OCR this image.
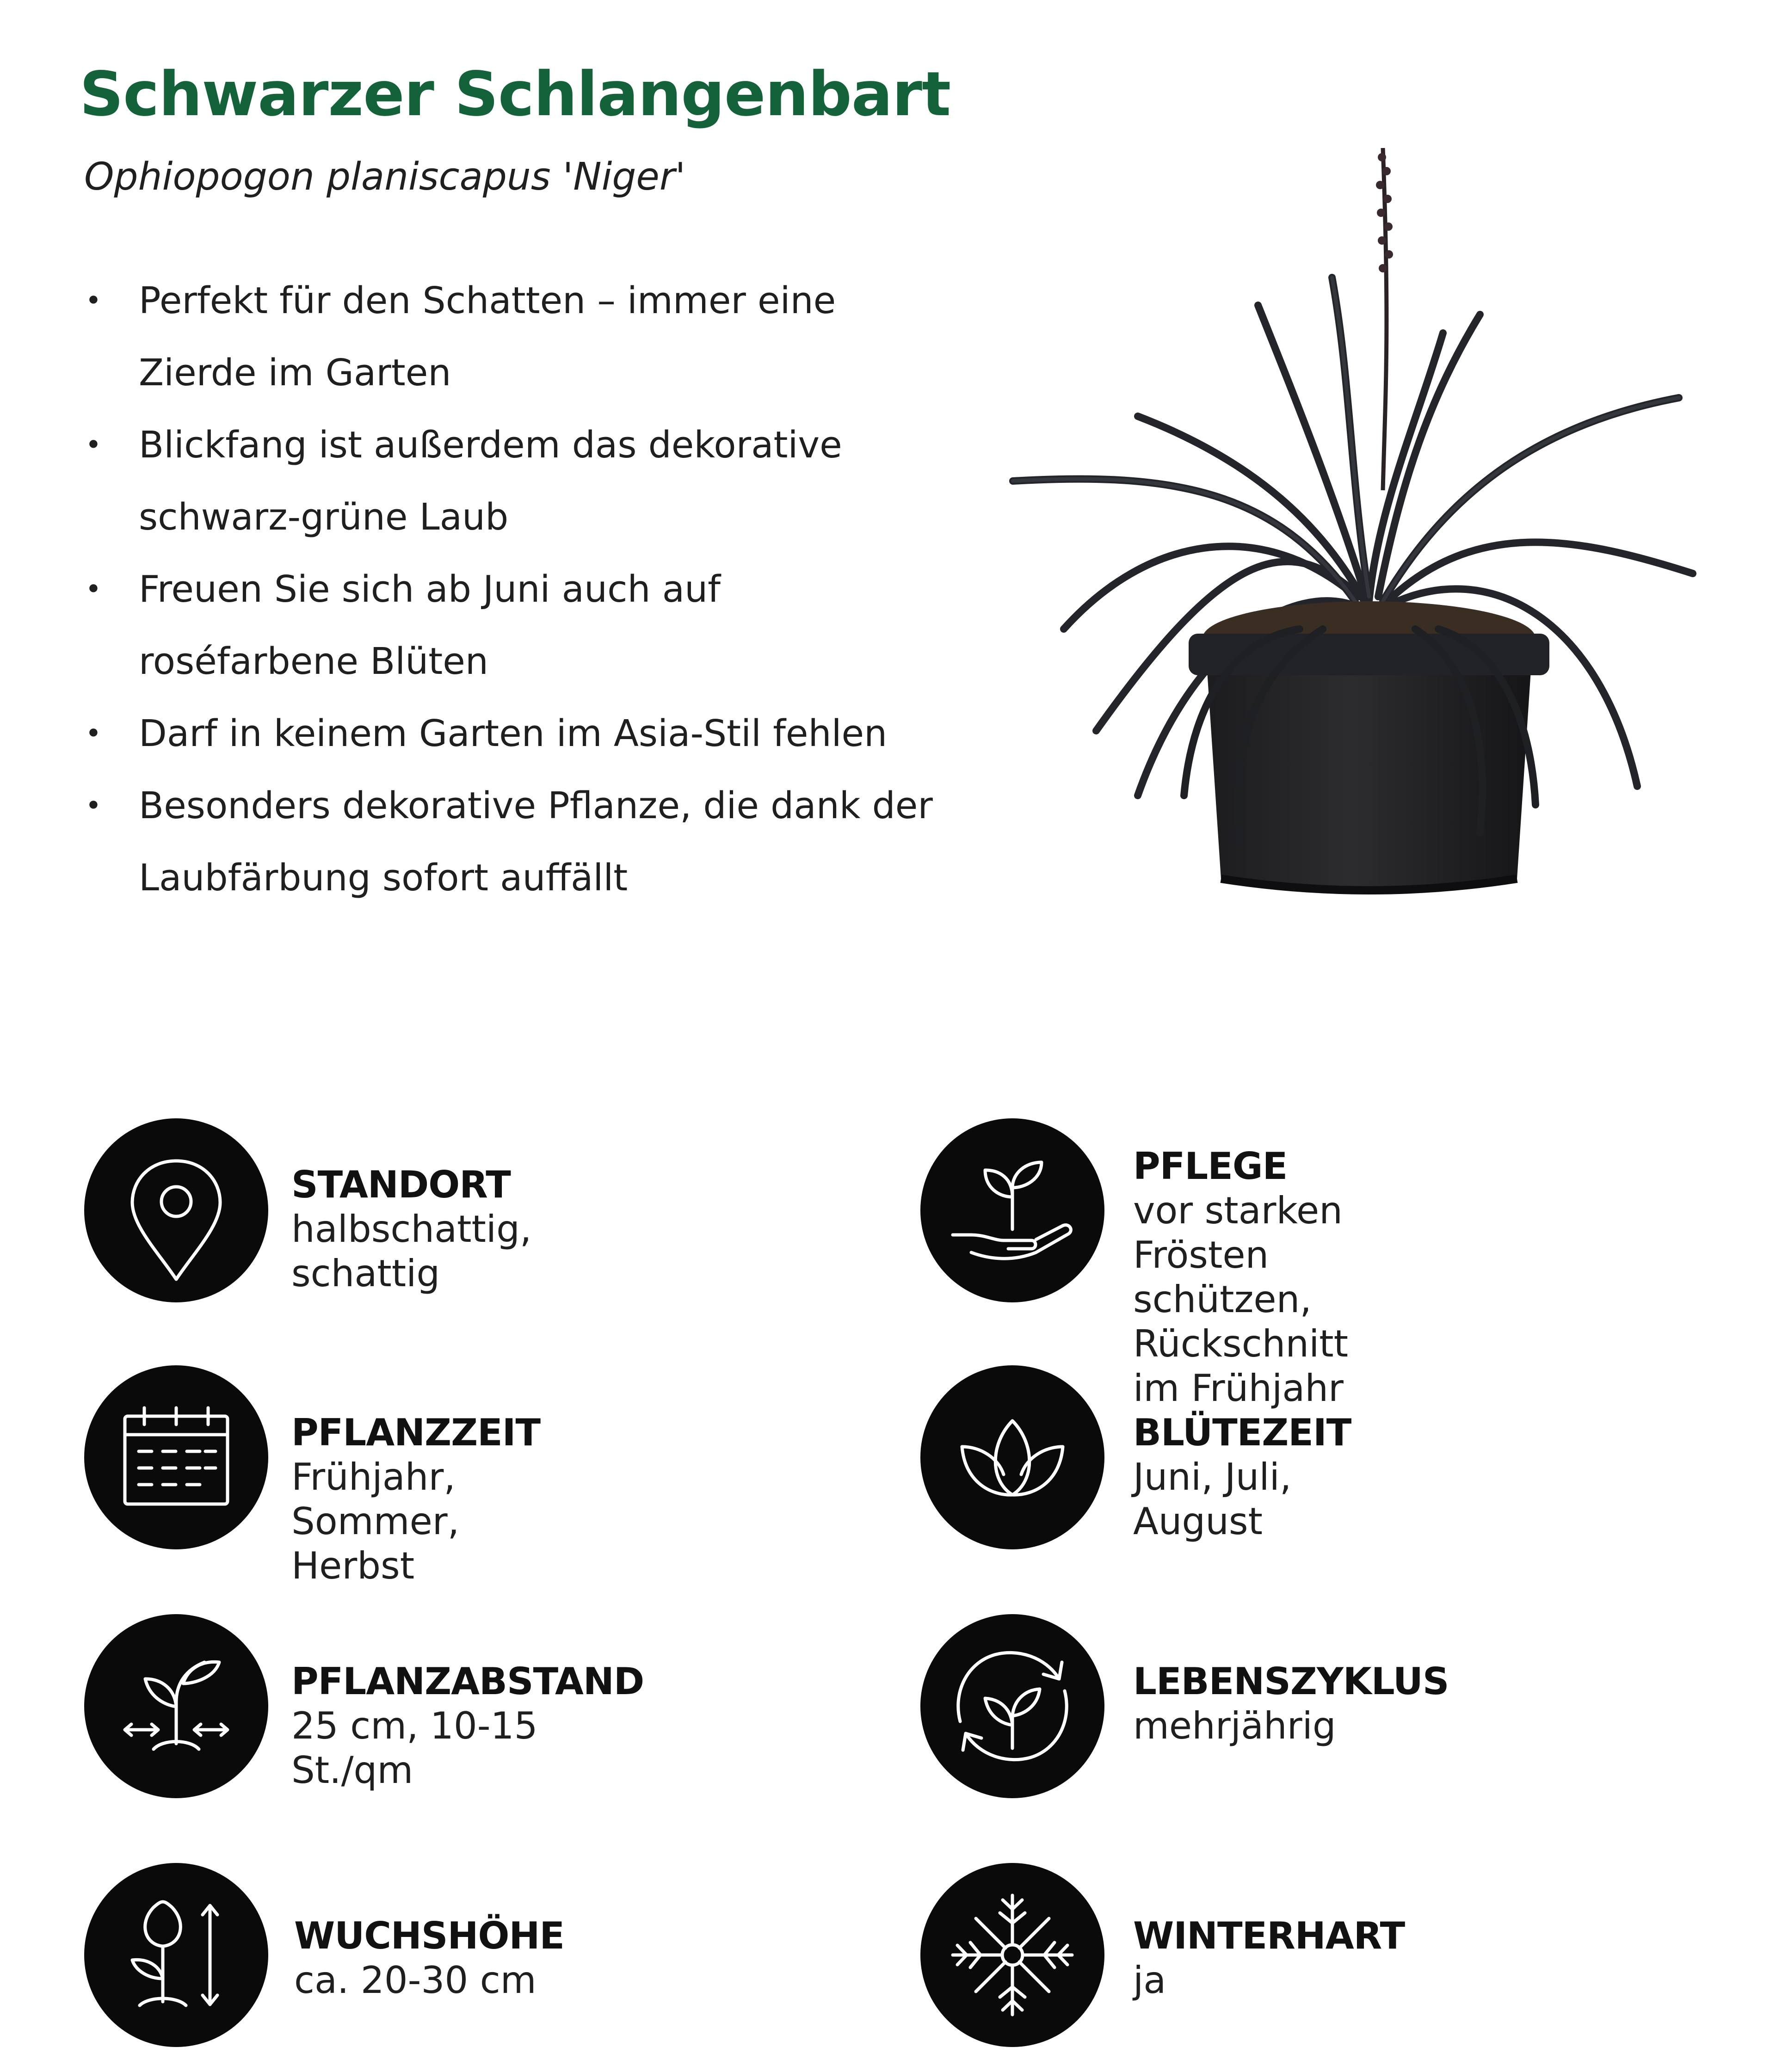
Schwarzer Schlangenbart

Ophiopogon planiscapus 'Niger'

• Perfekt für den Schatten – immer eine
Zierde im Garten
• Blickfang ist außerdem das dekorative
schwarz-grüne Laub
• Freuen Sie sich ab Juni auch auf
roséfarbene Blüten
• Darf in keinem Garten im Asia-Stil fehlen
• Besonders dekorative Pflanze, die dank der
Laubfärbung sofort auffällt
STANDORT
halbschattig, schattig
PFLEGE
vor starken Frösten schützen,
Rückschnitt im Frühjahr
PFLANZZEIT
Frühjahr, Sommer, Herbst
BLÜTEZEIT
Juni, Juli, August
PFLANZABSTAND
25 cm, 10-15 St./qm
LEBENSZYKLUS
mehrjährig
WUCHSHÖHE
ca. 20-30 cm
WINTERHART
ja
